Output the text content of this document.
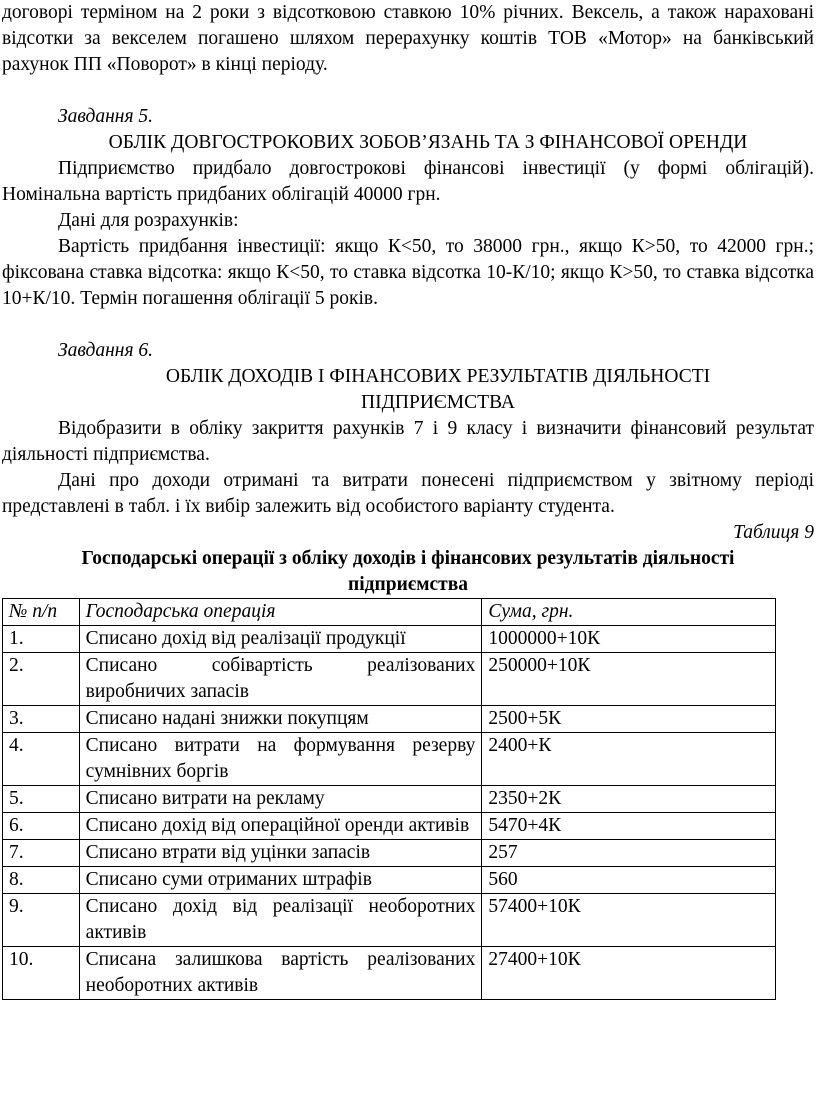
договорі терміном на 2 роки з відсотковою ставкою 10% річних. Вексель, а також нараховані відсотки за векселем погашено шляхом перерахунку коштів ТОВ «Мотор» на банківський рахунок ПП «Поворот» в кінці періоду.

Завдання 5.

ОБЛІК ДОВГОСТРОКОВИХ ЗОБОВ’ЯЗАНЬ ТА З ФІНАНСОВОЇ ОРЕНДИ

Підприємство придбало довгострокові фінансові інвестиції (у формі облігацій). Номінальна вартість придбаних облігацій 40000 грн.

Дані для розрахунків:

Вартість придбання інвестиції: якщо К<50, то 38000 грн., якщо К>50, то 42000 грн.; фіксована ставка відсотка: якщо К<50, то ставка відсотка 10-К/10; якщо К>50, то ставка відсотка 10+К/10. Термін погашення облігації 5 років.

Завдання 6.

ОБЛІК ДОХОДІВ І ФІНАНСОВИХ РЕЗУЛЬТАТІВ ДІЯЛЬНОСТІ ПІДПРИЄМСТВА

Відобразити в обліку закриття рахунків 7 і 9 класу і визначити фінансовий результат діяльності підприємства.

Дані про доходи отримані та витрати понесені підприємством у звітному періоді представлені в табл. і їх вибір залежить від особистого варіанту студента.

Таблиця 9

Господарські операції з обліку доходів і фінансових результатів діяльності підприємства

№ п/п	Господарська операція	Сума, грн.
1.	Списано дохід від реалізації продукції	1000000+10К
2.	Списано собівартість реалізованих виробничих запасів	250000+10К
3.	Списано надані знижки покупцям	2500+5К
4.	Списано витрати на формування резерву сумнівних боргів	2400+К
5.	Списано витрати на рекламу	2350+2К
6.	Списано дохід від операційної оренди активів	5470+4К
7.	Списано втрати від уцінки запасів	257
8.	Списано суми отриманих штрафів	560
9.	Списано дохід від реалізації необоротних активів	57400+10К
10.	Списана залишкова вартість реалізованих необоротних активів	27400+10К
